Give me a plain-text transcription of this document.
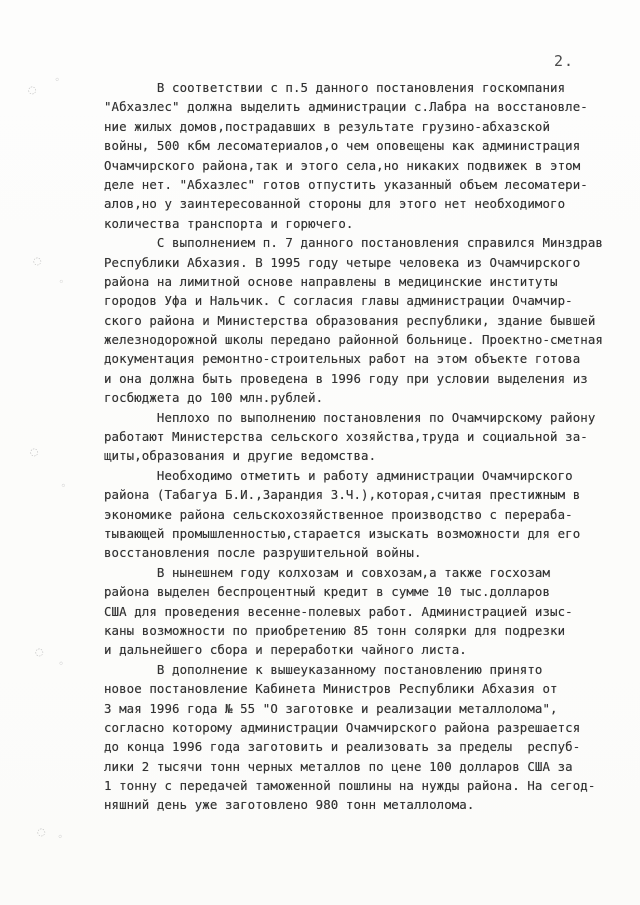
2.
◌
◦
◌
◦
◌
◦
◌
◦
◌ ◦
В соответствии с п.5 данного постановления госкомпания
"Абхазлес" должна выделить администрации с.Лабра на восстановле-
ние жилых домов,пострадавших в результате грузино-абхазской
войны, 500 кбм лесоматериалов,о чем оповещены как администрация
Очамчирского района,так и этого села,но никаких подвижек в этом
деле нет. "Абхазлес" готов отпустить указанный объем лесоматери-
алов,но у заинтересованной стороны для этого нет необходимого
количества транспорта и горючего.
С выполнением п. 7 данного постановления справился Минздрав
Республики Абхазия. В 1995 году четыре человека из Очамчирского
района на лимитной основе направлены в медицинские институты
городов Уфа и Нальчик. С согласия главы администрации Очамчир-
ского района и Министерства образования республики, здание бывшей
железнодорожной школы передано районной больнице. Проектно-сметная
документация ремонтно-строительных работ на этом объекте готова
и она должна быть проведена в 1996 году при условии выделения из
госбюджета до 100 млн.рублей.
Неплохо по выполнению постановления по Очамчирскому району
работают Министерства сельского хозяйства,труда и социальной за-
щиты,образования и другие ведомства.
Необходимо отметить и работу администрации Очамчирского
района (Табагуа Б.И.,Зарандия З.Ч.),которая,считая престижным в
экономике района сельскохозяйственное производство с перераба-
тывающей промышленностью,старается изыскать возможности для его
восстановления после разрушительной войны.
В нынешнем году колхозам и совхозам,а также госхозам
района выделен беспроцентный кредит в сумме 10 тыс.долларов
США для проведения весенне-полевых работ. Администрацией изыс-
каны возможности по приобретению 85 тонн солярки для подрезки
и дальнейшего сбора и переработки чайного листа.
В дополнение к вышеуказанному постановлению принято
новое постановление Кабинета Министров Республики Абхазия от
3 мая 1996 года № 55 "О заготовке и реализации металлолома",
согласно которому администрации Очамчирского района разрешается
до конца 1996 года заготовить и реализовать за пределы  респуб-
лики 2 тысячи тонн черных металлов по цене 100 долларов США за
1 тонну с передачей таможенной пошлины на нужды района. На сегод-
няшний день уже заготовлено 980 тонн металлолома.
